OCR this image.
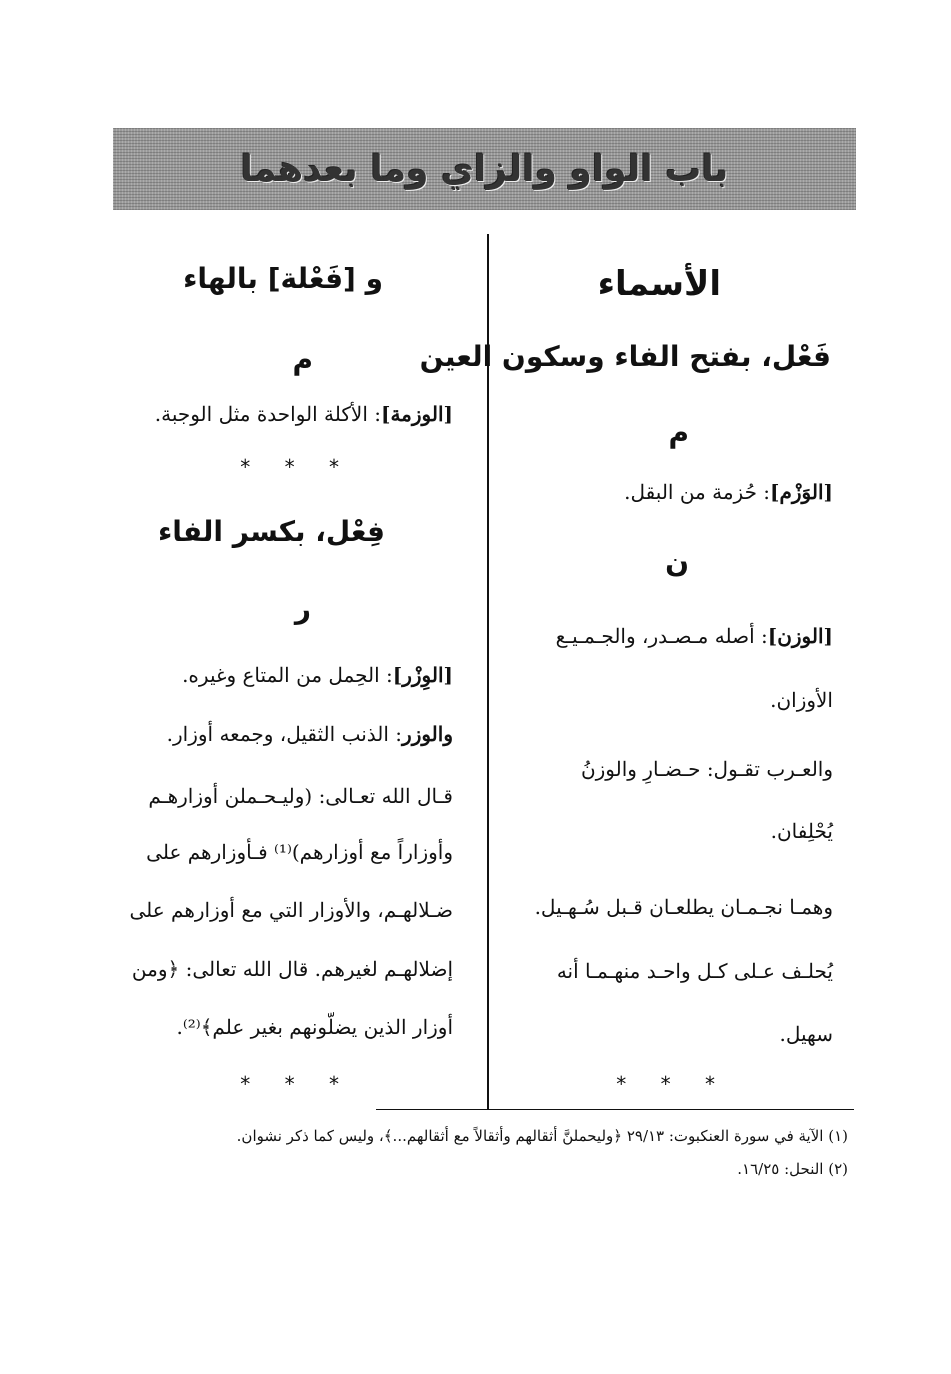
باب الواو والزاي وما بعدهما
الأسماء
فَعْل، بفتح الفاء وسكون العين
م
[الوَزْم]: حُزمة من البقل.
ن
[الوزن]: أصله مـصـدر، والجـمـيـع
الأوزان.
والعـرب تقـول: حـضـارِ والوزنُ
يُحْلِفان.
وهمـا نجـمـان يطلعـان قـبل سُـهـيل.
يُحلـف عـلى كـل واحـد منهـمـا أنه
سهيل.
* * *
و [فَعْلة] بالهاء
م
[الوزمة]: الأكلة الواحدة مثل الوجبة.
* * *
فِعْل، بكسر الفاء
ر
[الوِزْر]: الحِمل من المتاع وغيره.
والوزر: الذنب الثقيل، وجمعه أوزار.
قـال الله تعـالى: (وليـحـملن أوزارهـم
وأوزاراً مع أوزارهم)⁽¹⁾ فـأوزارهم على
ضـلالهـم، والأوزار التي مع أوزارهم على
إضلالهـم لغيرهم. قال الله تعالى: ﴿ومن
أوزار الذين يضلّونهم بغير علم﴾⁽²⁾.
* * *
(١) الآية في سورة العنكبوت: ٢٩/١٣ ﴿وليحملنَّ أثقالهم وأثقالاً مع أثقالهم...﴾، وليس كما ذكر نشوان.
(٢) النحل: ١٦/٢٥.
